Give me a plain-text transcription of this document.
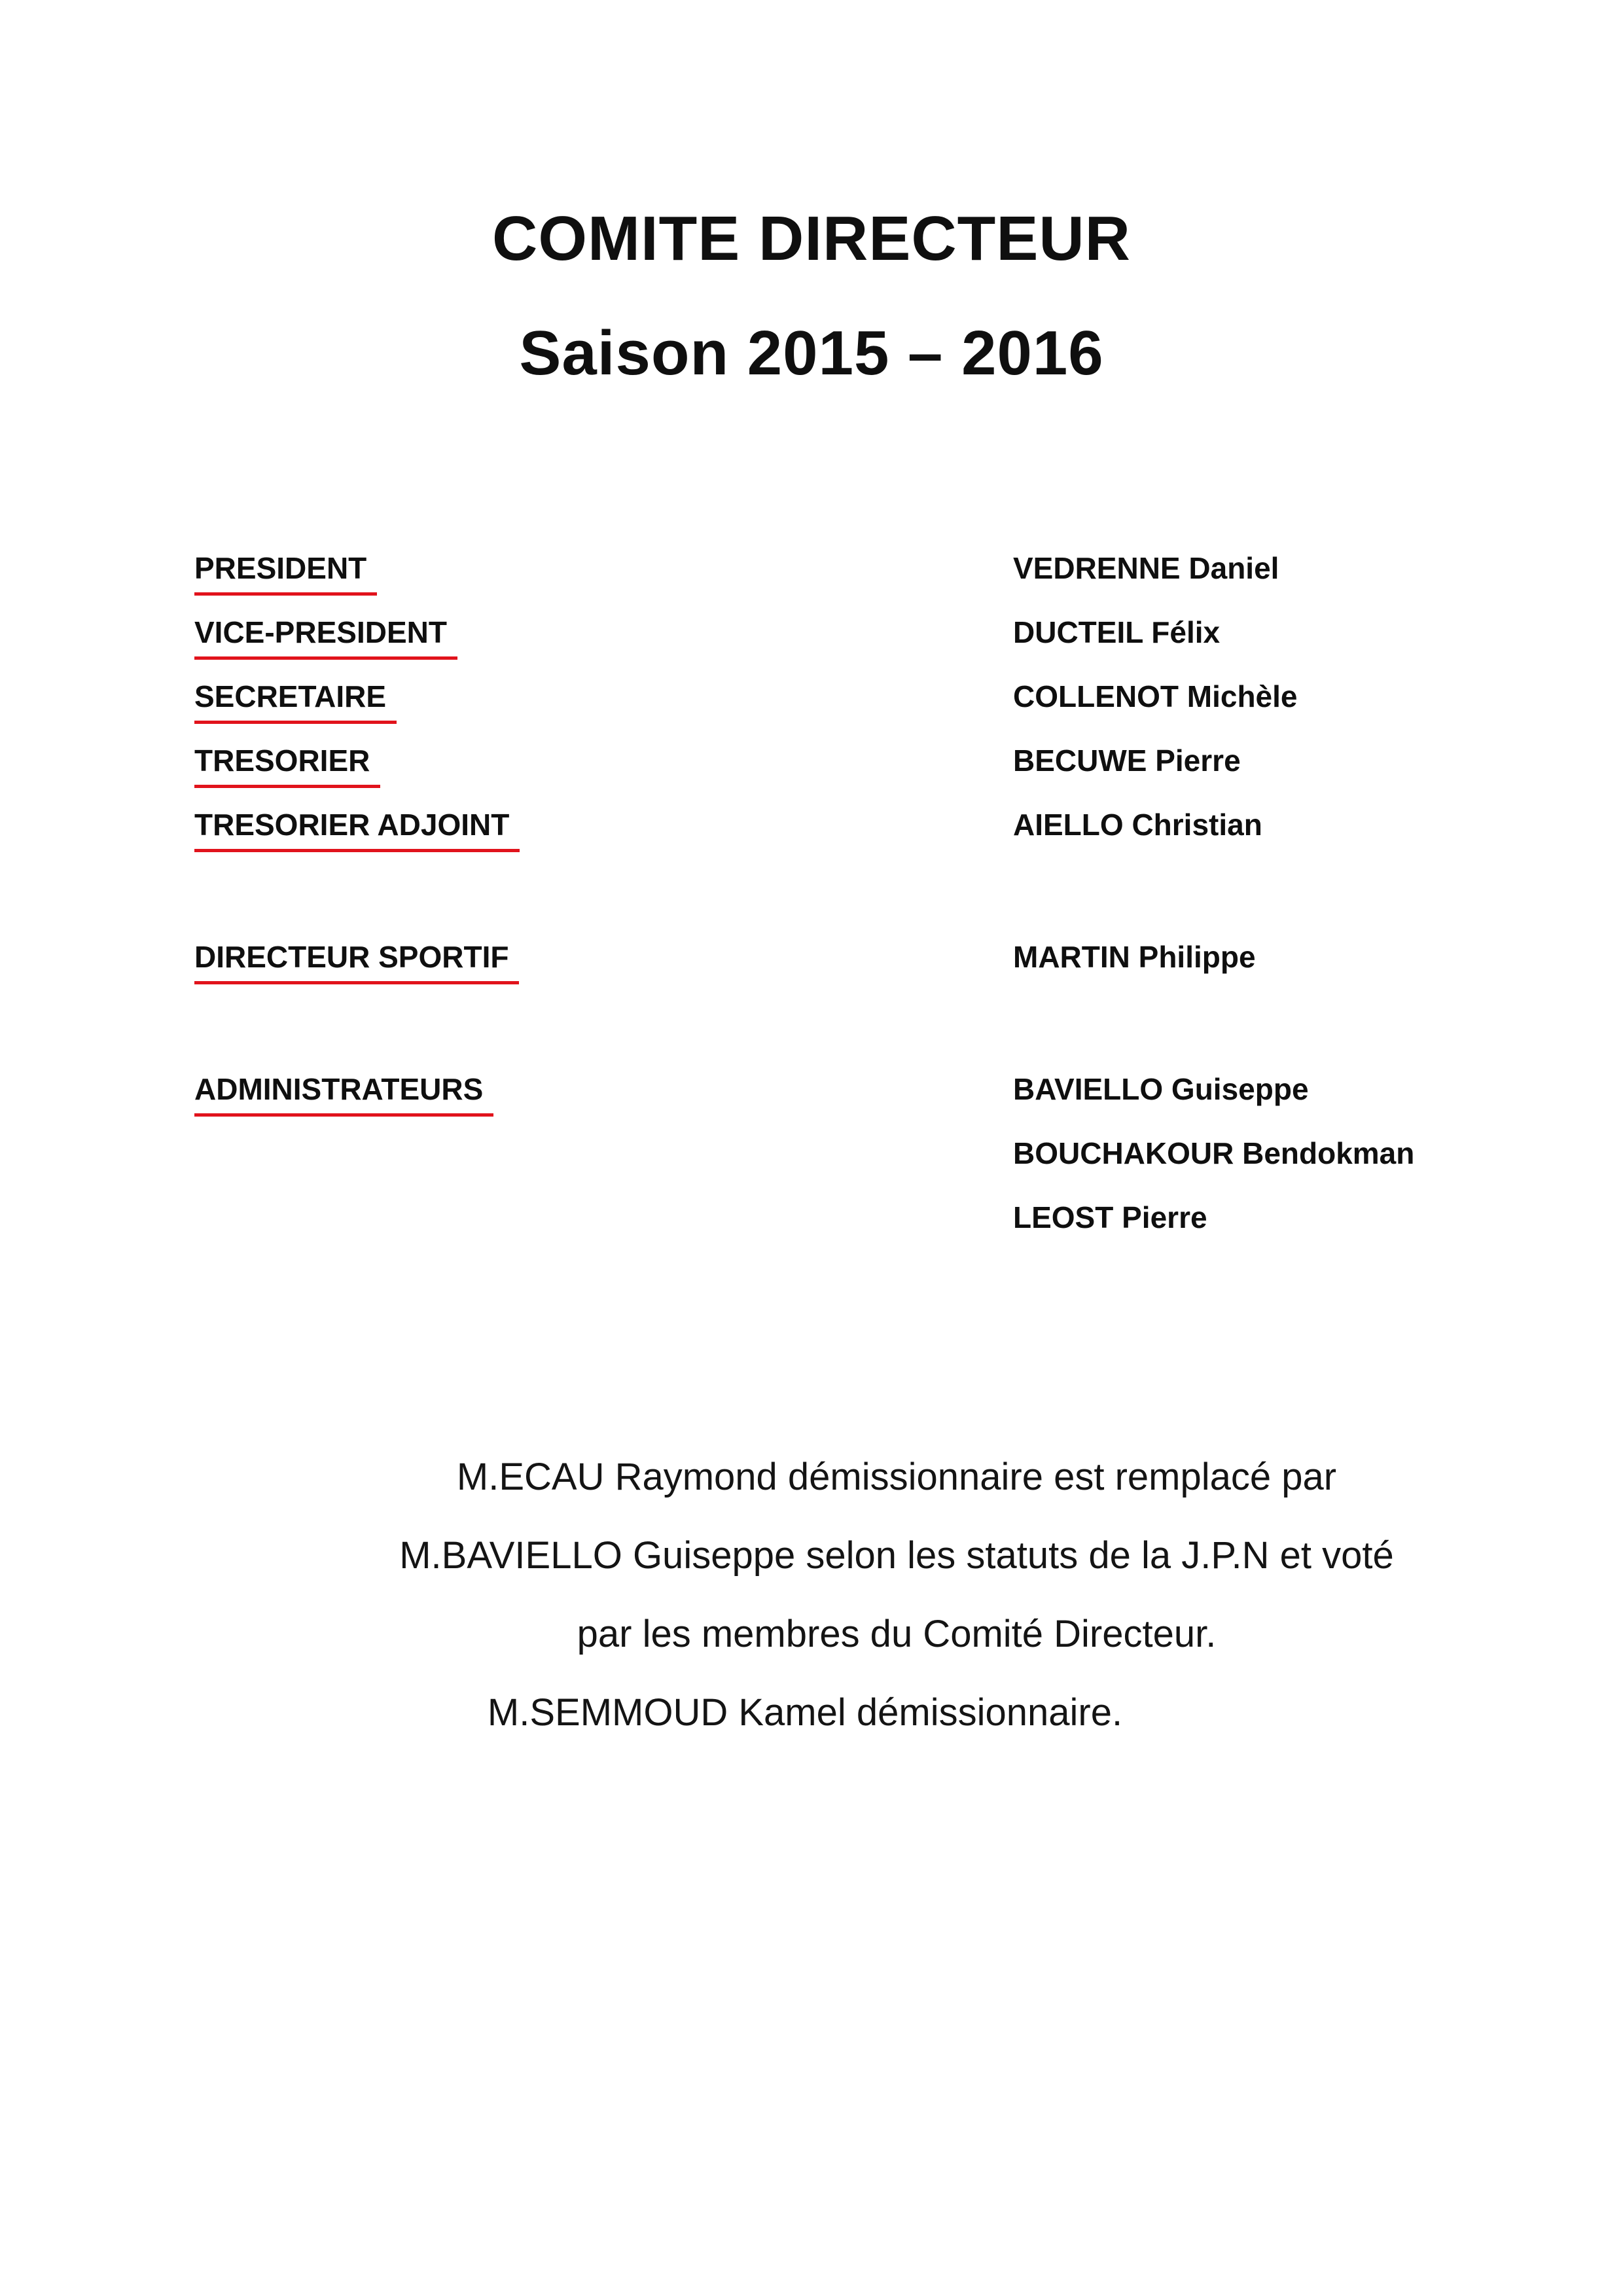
COMITE DIRECTEUR
Saison 2015 – 2016
PRESIDENT	VEDRENNE Daniel
VICE-PRESIDENT	DUCTEIL Félix
SECRETAIRE	COLLENOT Michèle
TRESORIER	BECUWE Pierre
TRESORIER ADJOINT	AIELLO Christian
DIRECTEUR SPORTIF	MARTIN Philippe
ADMINISTRATEURS	BAVIELLO Guiseppe
BOUCHAKOUR Bendokman
LEOST Pierre
M.ECAU Raymond démissionnaire est remplacé par
M.BAVIELLO Guiseppe selon les statuts de la J.P.N et voté
par les membres du Comité Directeur.
M.SEMMOUD Kamel démissionnaire.
